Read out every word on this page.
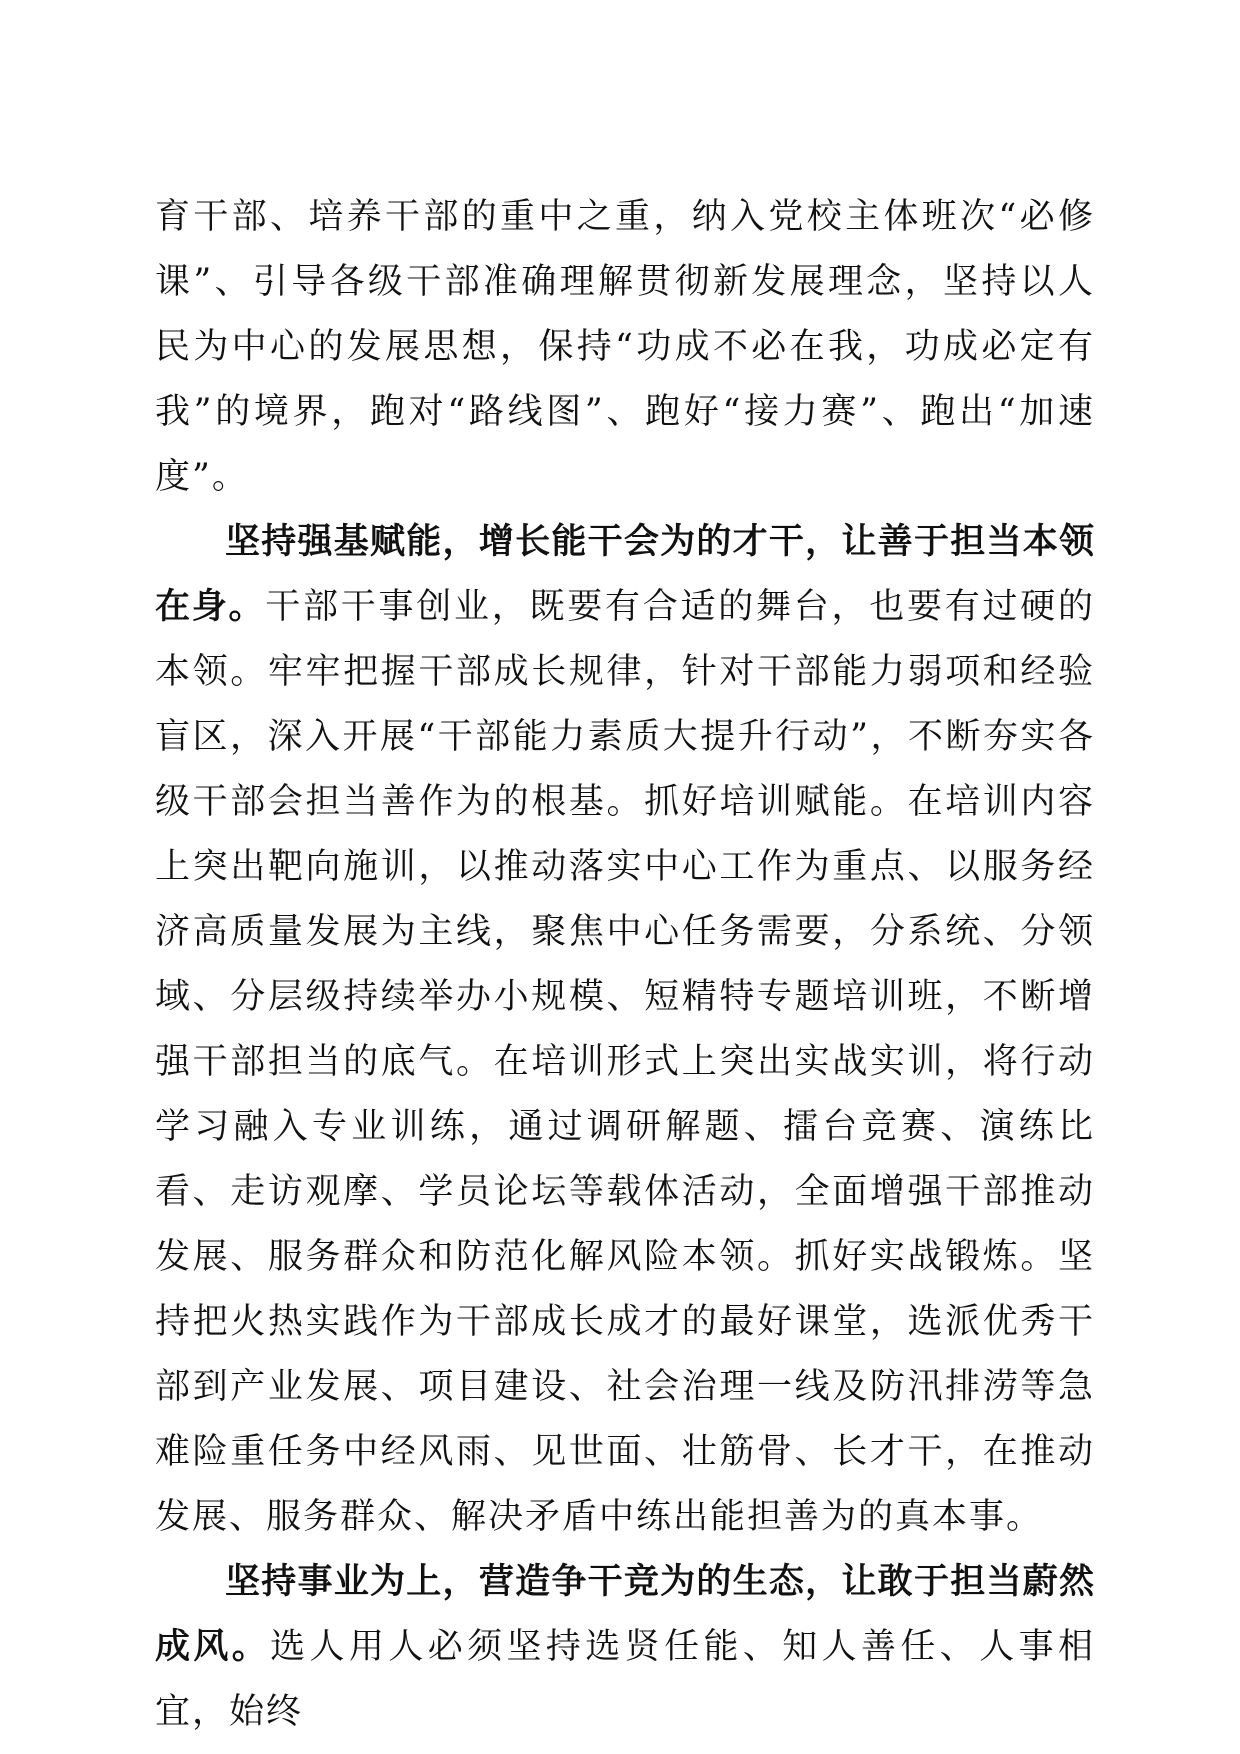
育干部、培养干部的重中之重，纳入党校主体班次“必修课”、引导各级干部准确理解贯彻新发展理念，坚持以人民为中心的发展思想，保持“功成不必在我，功成必定有我”的境界，跑对“路线图”、跑好“接力赛”、跑出“加速度”。

坚持强基赋能，增长能干会为的才干，让善于担当本领在身。干部干事创业，既要有合适的舞台，也要有过硬的本领。牢牢把握干部成长规律，针对干部能力弱项和经验盲区，深入开展“干部能力素质大提升行动”，不断夯实各级干部会担当善作为的根基。抓好培训赋能。在培训内容上突出靶向施训，以推动落实中心工作为重点、以服务经济高质量发展为主线，聚焦中心任务需要，分系统、分领域、分层级持续举办小规模、短精特专题培训班，不断增强干部担当的底气。在培训形式上突出实战实训，将行动学习融入专业训练，通过调研解题、擂台竞赛、演练比看、走访观摩、学员论坛等载体活动，全面增强干部推动发展、服务群众和防范化解风险本领。抓好实战锻炼。坚持把火热实践作为干部成长成才的最好课堂，选派优秀干部到产业发展、项目建设、社会治理一线及防汛排涝等急难险重任务中经风雨、见世面、壮筋骨、长才干，在推动发展、服务群众、解决矛盾中练出能担善为的真本事。

坚持事业为上，营造争干竞为的生态，让敢于担当蔚然成风。选人用人必须坚持选贤任能、知人善任、人事相宜，始终
